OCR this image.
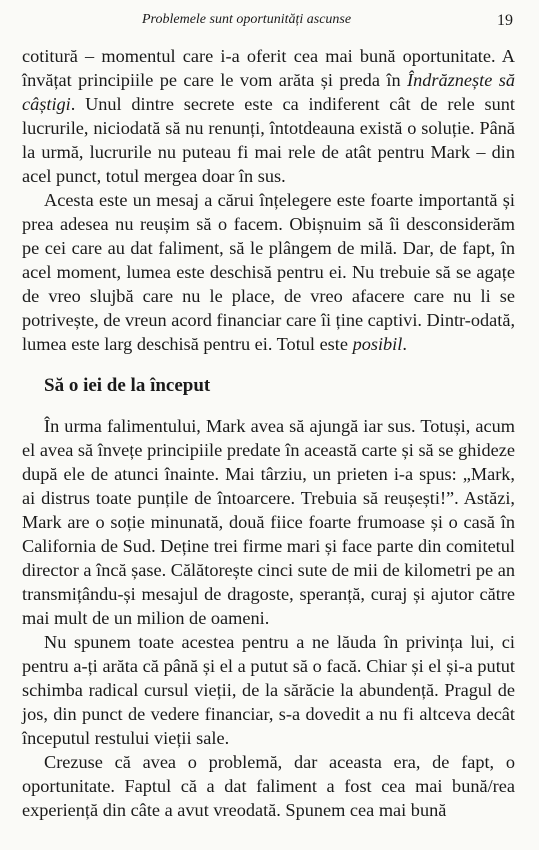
Problemele sunt oportunități ascunse	19

cotitură – momentul care i-a oferit cea mai bună oportunitate. A învățat principiile pe care le vom arăta și preda în Îndrăznește să câștigi. Unul dintre secrete este ca indiferent cât de rele sunt lucrurile, niciodată să nu renunți, întotdeauna există o soluție. Până la urmă, lucrurile nu puteau fi mai rele de atât pentru Mark – din acel punct, totul mergea doar în sus.

Acesta este un mesaj a cărui înțelegere este foarte importantă și prea adesea nu reușim să o facem. Obișnuim să îi desconsiderăm pe cei care au dat faliment, să le plângem de milă. Dar, de fapt, în acel moment, lumea este deschisă pentru ei. Nu trebuie să se agațe de vreo slujbă care nu le place, de vreo afacere care nu li se potrivește, de vreun acord financiar care îi ține captivi. Dintr-odată, lumea este larg deschisă pentru ei. Totul este posibil.

Să o iei de la început

În urma falimentului, Mark avea să ajungă iar sus. Totuși, acum el avea să învețe principiile predate în această carte și să se ghideze după ele de atunci înainte. Mai târziu, un prieten i-a spus: „Mark, ai distrus toate punțile de întoarcere. Trebuia să reușești!”. Astăzi, Mark are o soție minunată, două fiice foarte frumoase și o casă în California de Sud. Deține trei firme mari și face parte din comitetul director a încă șase. Călătorește cinci sute de mii de kilometri pe an transmițându-și mesajul de dragoste, speranță, curaj și ajutor către mai mult de un milion de oameni.

Nu spunem toate acestea pentru a ne lăuda în privința lui, ci pentru a-ți arăta că până și el a putut să o facă. Chiar și el și-a putut schimba radical cursul vieții, de la sărăcie la abundență. Pragul de jos, din punct de vedere financiar, s-a dovedit a nu fi altceva decât începutul restului vieții sale.

Crezuse că avea o problemă, dar aceasta era, de fapt, o oportunitate. Faptul că a dat faliment a fost cea mai bună/rea experiență din câte a avut vreodată. Spunem cea mai bună
